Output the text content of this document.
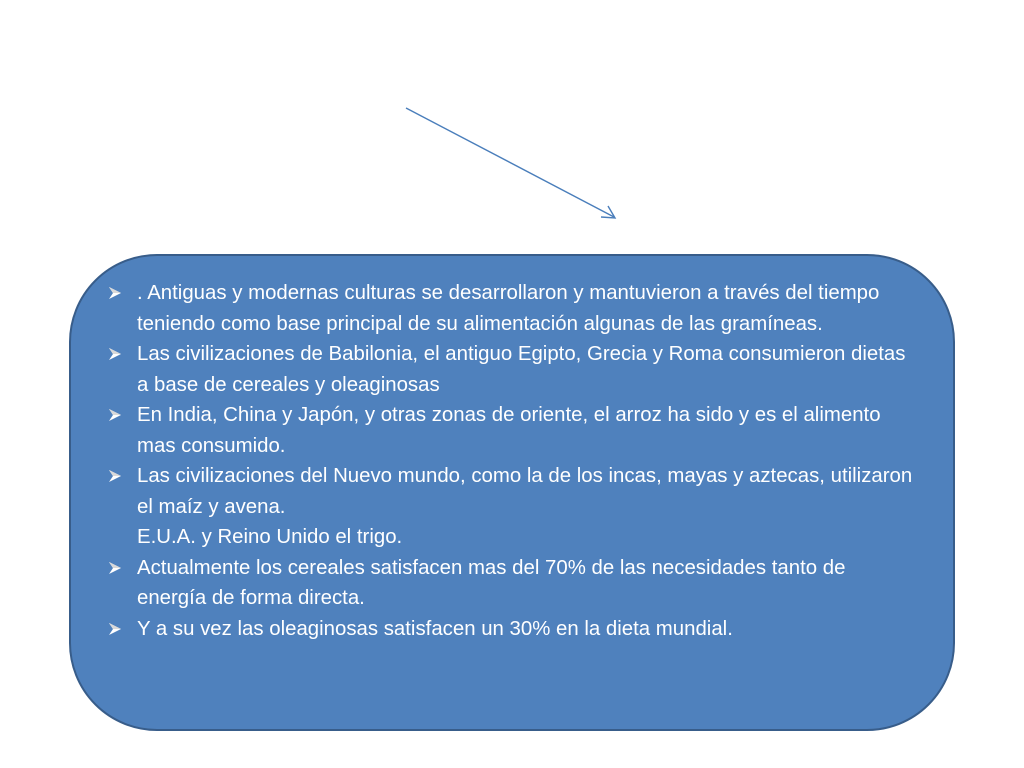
. Antiguas y modernas culturas se desarrollaron y mantuvieron a través del tiempo teniendo como base principal de su alimentación algunas de las gramíneas.
Las civilizaciones de Babilonia, el antiguo Egipto, Grecia y Roma consumieron dietas a base de cereales y oleaginosas
En India, China y Japón, y otras zonas de oriente, el arroz ha sido y es el alimento mas consumido.
Las civilizaciones del Nuevo mundo, como la de los incas, mayas y aztecas, utilizaron el maíz y avena.
E.U.A. y Reino Unido el trigo.
Actualmente los cereales satisfacen mas del 70% de las necesidades tanto de energía de forma directa.
Y a su vez las oleaginosas satisfacen un 30% en la dieta mundial.
